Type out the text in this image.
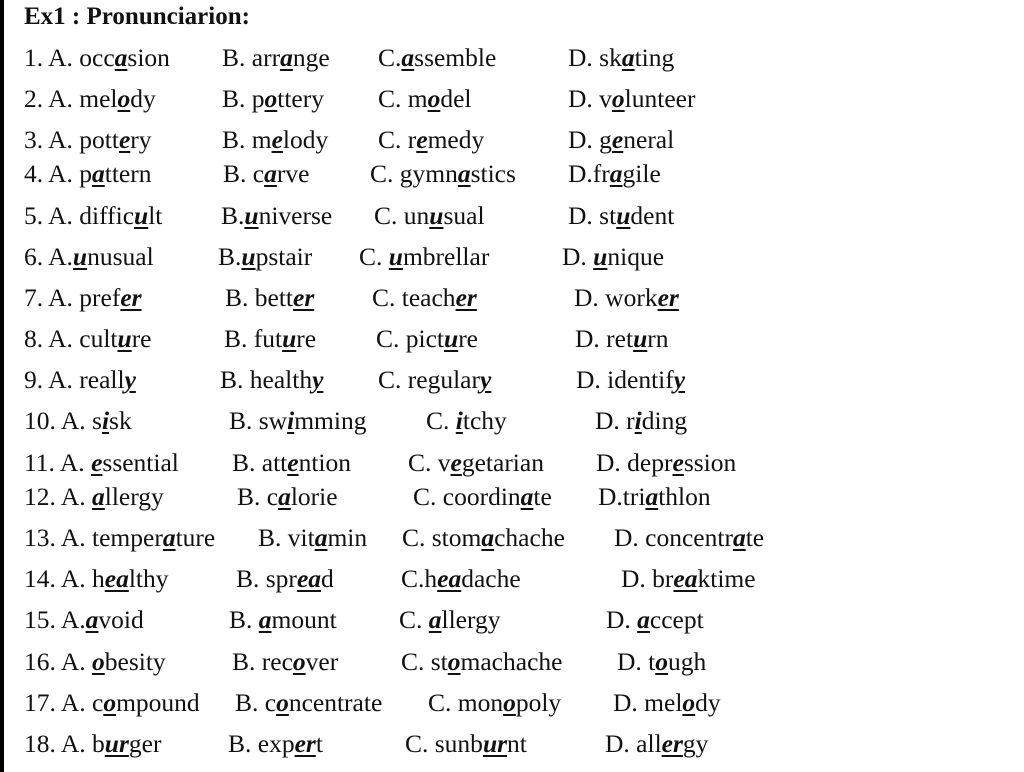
Ex1 : Pronunciarion:
1. A. occasion B. arrange C.assemble	D. skating
2. A. melody	B. pottery C. model	D. volunteer
3. A. pottery	B. melody C. remedy	D. general
4. A. pattern	B. carve C. gymnastics D.fragile
5. A. difficult B.universe C. unusual	D. student
6. A.unusual	B.upstair C. umbrellar	D. unique
7. A. prefer	B. better C. teacher	D. worker
8. A. culture	B. future C. picture	D. return
9. A. really	B. healthy C. regulary	D. identify
10. A. sisk	B. swimming C. itchy	D. riding
11. A. essential B. attention C. vegetarian D. depression
12. A. allergy	B. calorie	C. coordinate D.triathlon
13. A. temperature B. vitamin C. stomachache D. concentrate
14. A. healthy	B. spread	C.headache	D. breaktime
15. A.avoid	B. amount C. allergy	D. accept
16. A. obesity	B. recover C. stomachache D. tough
17. A. compound B. concentrate C. monopoly D. melody
18. A. burger	B. expert	C. sunburnt	D. allergy
